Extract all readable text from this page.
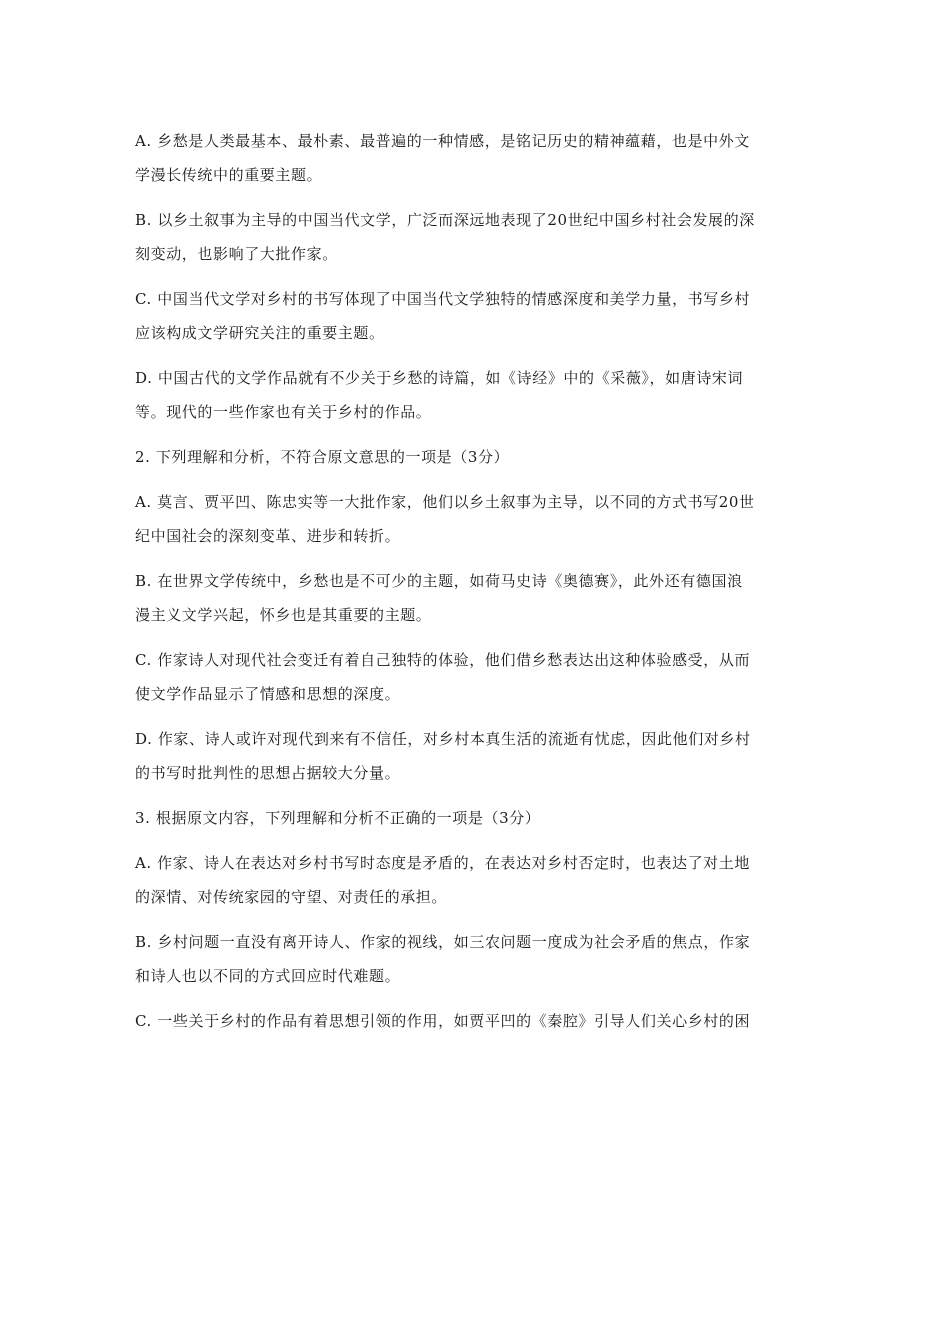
A. 乡愁是人类最基本、最朴素、最普遍的一种情感，是铭记历史的精神蕴藉，也是中外文
学漫长传统中的重要主题。

B. 以乡土叙事为主导的中国当代文学，广泛而深远地表现了20世纪中国乡村社会发展的深
刻变动，也影响了大批作家。

C. 中国当代文学对乡村的书写体现了中国当代文学独特的情感深度和美学力量，书写乡村
应该构成文学研究关注的重要主题。

D. 中国古代的文学作品就有不少关于乡愁的诗篇，如《诗经》中的《采薇》，如唐诗宋词
等。现代的一些作家也有关于乡村的作品。

2. 下列理解和分析，不符合原文意思的一项是（3分）

A. 莫言、贾平凹、陈忠实等一大批作家，他们以乡土叙事为主导，以不同的方式书写20世
纪中国社会的深刻变革、进步和转折。

B. 在世界文学传统中，乡愁也是不可少的主题，如荷马史诗《奥德赛》，此外还有德国浪
漫主义文学兴起，怀乡也是其重要的主题。

C. 作家诗人对现代社会变迁有着自己独特的体验，他们借乡愁表达出这种体验感受，从而
使文学作品显示了情感和思想的深度。

D. 作家、诗人或许对现代到来有不信任，对乡村本真生活的流逝有忧虑，因此他们对乡村
的书写时批判性的思想占据较大分量。

3. 根据原文内容，下列理解和分析不正确的一项是（3分）

A. 作家、诗人在表达对乡村书写时态度是矛盾的，在表达对乡村否定时，也表达了对土地
的深情、对传统家园的守望、对责任的承担。

B. 乡村问题一直没有离开诗人、作家的视线，如三农问题一度成为社会矛盾的焦点，作家
和诗人也以不同的方式回应时代难题。

C. 一些关于乡村的作品有着思想引领的作用，如贾平凹的《秦腔》引导人们关心乡村的困
